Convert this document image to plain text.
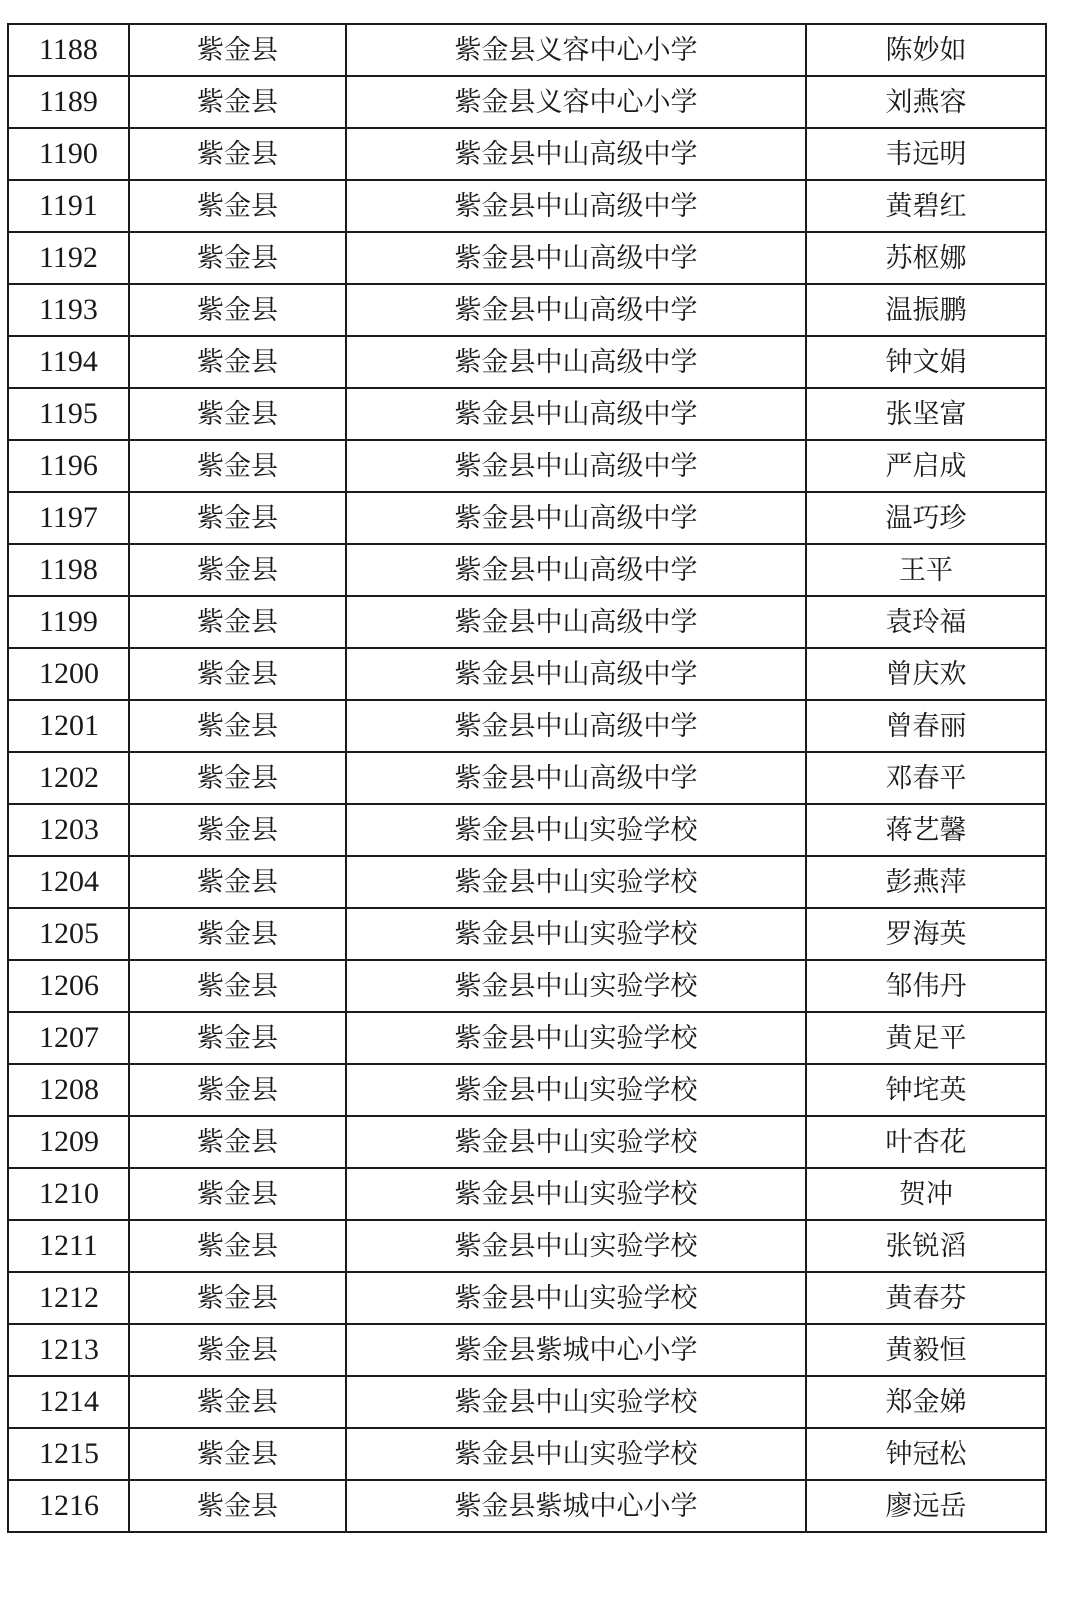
1188	紫金县	紫金县义容中心小学	陈妙如
1189	紫金县	紫金县义容中心小学	刘燕容
1190	紫金县	紫金县中山高级中学	韦远明
1191	紫金县	紫金县中山高级中学	黄碧红
1192	紫金县	紫金县中山高级中学	苏枢娜
1193	紫金县	紫金县中山高级中学	温振鹏
1194	紫金县	紫金县中山高级中学	钟文娟
1195	紫金县	紫金县中山高级中学	张坚富
1196	紫金县	紫金县中山高级中学	严启成
1197	紫金县	紫金县中山高级中学	温巧珍
1198	紫金县	紫金县中山高级中学	王平
1199	紫金县	紫金县中山高级中学	袁玲福
1200	紫金县	紫金县中山高级中学	曾庆欢
1201	紫金县	紫金县中山高级中学	曾春丽
1202	紫金县	紫金县中山高级中学	邓春平
1203	紫金县	紫金县中山实验学校	蒋艺馨
1204	紫金县	紫金县中山实验学校	彭燕萍
1205	紫金县	紫金县中山实验学校	罗海英
1206	紫金县	紫金县中山实验学校	邹伟丹
1207	紫金县	紫金县中山实验学校	黄足平
1208	紫金县	紫金县中山实验学校	钟垞英
1209	紫金县	紫金县中山实验学校	叶杏花
1210	紫金县	紫金县中山实验学校	贺冲
1211	紫金县	紫金县中山实验学校	张锐滔
1212	紫金县	紫金县中山实验学校	黄春芬
1213	紫金县	紫金县紫城中心小学	黄毅恒
1214	紫金县	紫金县中山实验学校	郑金娣
1215	紫金县	紫金县中山实验学校	钟冠松
1216	紫金县	紫金县紫城中心小学	廖远岳
